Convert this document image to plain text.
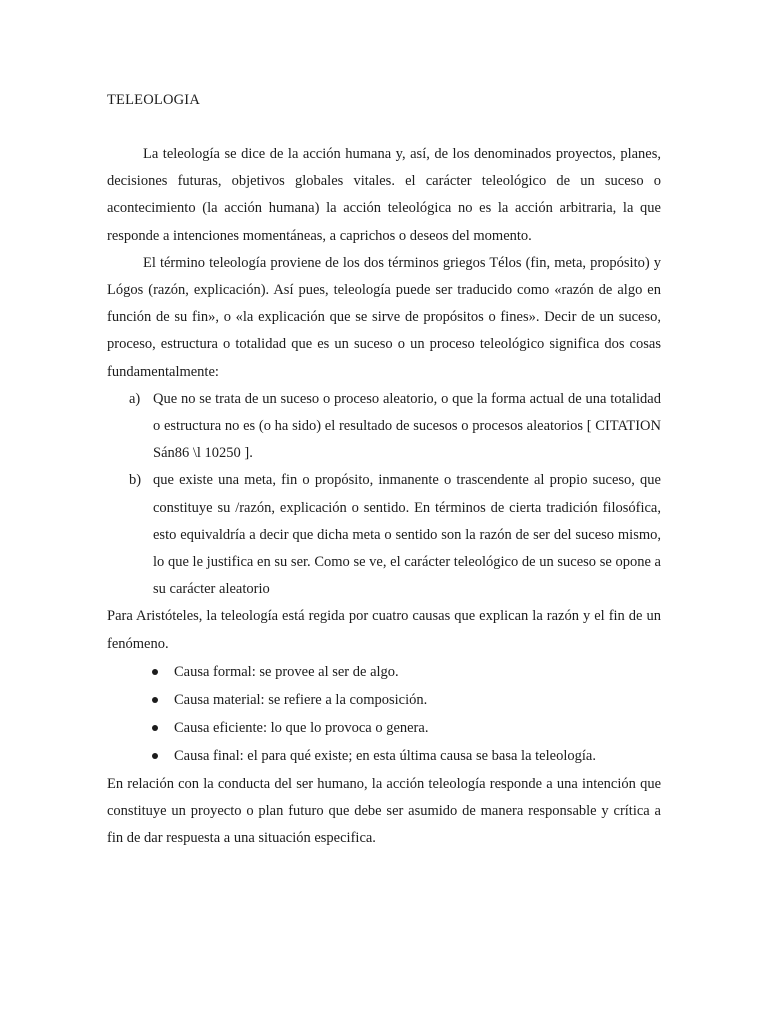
TELEOLOGIA

La teleología se dice de la acción humana y, así, de los denominados proyectos, planes, decisiones futuras, objetivos globales vitales. el carácter teleológico de un suceso o acontecimiento (la acción humana) la acción teleológica no es la acción arbitraria, la que responde a intenciones momentáneas, a caprichos o deseos del momento.

El término teleología proviene de los dos términos griegos Télos (fin, meta, propósito) y Lógos (razón, explicación). Así pues, teleología puede ser traducido como «razón de algo en función de su fin», o «la explicación que se sirve de propósitos o fines». Decir de un suceso, proceso, estructura o totalidad que es un suceso o un proceso teleológico significa dos cosas fundamentalmente:

a) Que no se trata de un suceso o proceso aleatorio, o que la forma actual de una totalidad o estructura no es (o ha sido) el resultado de sucesos o procesos aleatorios [ CITATION Sán86 \l 10250 ].
b) que existe una meta, fin o propósito, inmanente o trascendente al propio suceso, que constituye su /razón, explicación o sentido. En términos de cierta tradición filosófica, esto equivaldría a decir que dicha meta o sentido son la razón de ser del suceso mismo, lo que le justifica en su ser. Como se ve, el carácter teleológico de un suceso se opone a su carácter aleatorio

Para Aristóteles, la teleología está regida por cuatro causas que explican la razón y el fin de un fenómeno.

Causa formal: se provee al ser de algo.
Causa material: se refiere a la composición.
Causa eficiente: lo que lo provoca o genera.
Causa final: el para qué existe; en esta última causa se basa la teleología.

En relación con la conducta del ser humano, la acción teleología responde a una intención que constituye un proyecto o plan futuro que debe ser asumido de manera responsable y crítica a fin de dar respuesta a una situación especifica.
